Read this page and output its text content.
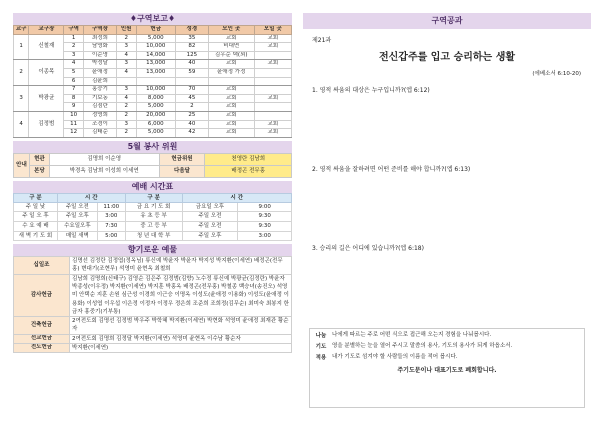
♦구역보고♦
교구	교구장	구역	구역장	인원	헌금	성경	모인 곳	모일 곳
1	신철재	1	최정희	2	5,000	35	교회	교회
		2	남영화	3	10,000	82	비대면	교회
		3	이순영	4	14,000	125	김우순 댁(외)	
2	이종목	4	박정달	3	13,000	40	교회	교회
		5	윤애정	4	13,000	59	윤애정 가정	
		6	김윤희					
3	박광균	7	홍승기	3	10,000	70	교회	
		8	기보동	4	8,000	45	교회	교회
		9	김점란	2	5,000	2	교회	
4	김정범	10	정영희	2	20,000	25	교회	
		11	조경이	3	6,000	40	교회	교회
		12	김태순	2	5,000	42	교회	교회
5월 봉사 위원
안내	현관	김명희 이순영	헌금위원	천영란 김남희
	본당	박경옥 김남희 이성희 이세연	다음달	배정곤 전무홍
예배 시간표
구 분	시 간		구 분	시 간	
주 일 낮	주일 오전	11:00	금 요 기 도 회	금요일 오후	9:00
주 일 오 후	주일 오후	3:00	유 초 등 부	주일 오전	9:30
수 요 예 배	수요일오후	7:30	중 고 등 부	주일 오전	9:30
새 벽 기 도 회	매일 새벽	5:00	청 년 대 학 부	주일 오후	3:00
향기로운 예물
십일조	김명선 김정란 김정엽(정옥님) 류신예 박윤자 박윤자 박지성 박지환(이세연) 배정곤(전무홍) 변대기(조현무) 석영미 윤현옥 최철희
감사헌금	김남희 김명희(신태구) 김영순 김은주 김정범(김향) 노수정 류신예 박광균(김정란) 박윤자 박종성(이우정) 박지환(이세연) 박지훈 박홍옥 배정곤(전무홍) 박철종 백승녀(송진오) 석영미 안택순 지훈 손원 심근성 이경희 이근승 이명옥 이성도(윤애정 이용화) 이성도(윤애정 이용화) 이성엽 이우섭 이은정 이정자 이정우 정은희 조준희 조희정(김무순) 최미숙 최봉지 한금자 홍중기(기부통)
건축헌금	2여전도회 김명선 김정범 박우주 박학혜 박지환(이세연) 박현화 석영미 윤애정 최재관 황순자
선교헌금	2여전도회 김명희 김정달 박지환(이세연) 석영미 윤현옥 이수남 황순자
전도헌금	박지환(이세연)
구역공과
제21과
전신갑주를 입고 승리하는 생활
(에베소서 6:10-20)
1. 영적 싸움의 대상은 누구입니까?(엡 6:12)
2. 영적 싸움을 잘하려면 어떤 준비를 해야 합니까?(엡 6:13)
3. 승리의 길은 어디에 있습니까?(엡 6:18)
나눔	나에게 따르는 주로 어떤 식으로 접근해 오는지 경험을 나눠봅시다.
기도	영을 분별하는 눈을 열어 주시고 말씀의 용사, 기도의 용사가 되게 하옵소서.
적용	내가 기도로 섬겨야 할 사람들의 이름을 적어 봅시다.
주기도문이나 대표기도로 폐회합니다.
